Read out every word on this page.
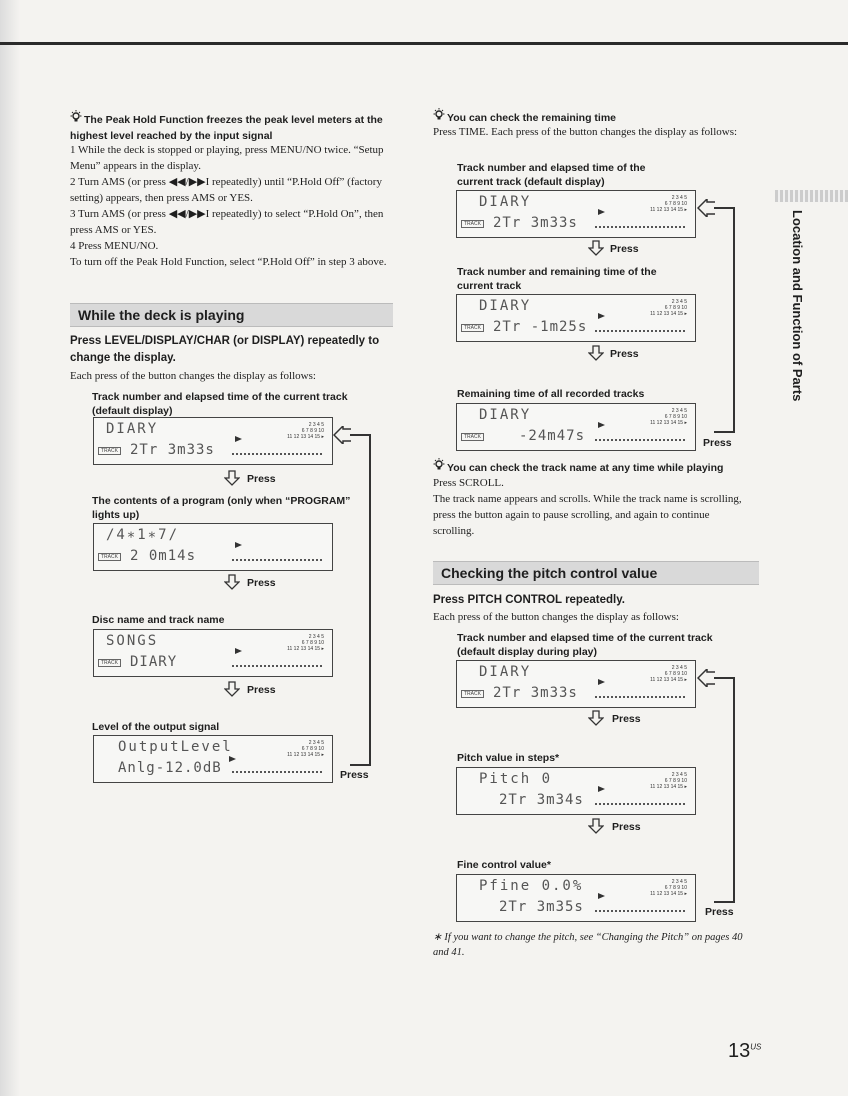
The Peak Hold Function freezes the peak level meters at the highest level reached by the input signal
1 While the deck is stopped or playing, press MENU/NO twice. “Setup Menu” appears in the display.
2 Turn AMS (or press ◀◀/▶▶I repeatedly) until “P.Hold Off” (factory setting) appears, then press AMS or YES.
3 Turn AMS (or press ◀◀/▶▶I repeatedly) to select “P.Hold On”, then press AMS or YES.
4 Press MENU/NO.
To turn off the Peak Hold Function, select “P.Hold Off” in step 3 above.
While the deck is playing
Press LEVEL/DISPLAY/CHAR (or DISPLAY) repeatedly to change the display.
Each press of the button changes the display as follows:
Track number and elapsed time of the current track (default display)
DIARY
TRACK 2Tr 3m33s
2 3 4 5
6 7 8 9 10
11 12 13 14 15 ▸
Press
The contents of a program (only when “PROGRAM” lights up)
/4∗1∗7/
TRACK 2 0m14s
Press
Disc name and track name
SONGS
TRACK DIARY
2 3 4 5
6 7 8 9 10
11 12 13 14 15 ▸
Press
Level of the output signal
OutputLevel
Anlg-12.0dB
2 3 4 5
6 7 8 9 10
11 12 13 14 15 ▸
Press
You can check the remaining time
Press TIME. Each press of the button changes the display as follows:
Track number and elapsed time of the current track (default display)
DIARY
TRACK 2Tr 3m33s
2 3 4 5
6 7 8 9 10
11 12 13 14 15 ▸
Press
Track number and remaining time of the current track
DIARY
TRACK 2Tr -1m25s
2 3 4 5
6 7 8 9 10
11 12 13 14 15 ▸
Press
Remaining time of all recorded tracks
DIARY
TRACK	-24m47s
2 3 4 5
6 7 8 9 10
11 12 13 14 15 ▸
Press
You can check the track name at any time while playing
Press SCROLL.
The track name appears and scrolls. While the track name is scrolling, press the button again to pause scrolling, and again to continue scrolling.
Checking the pitch control value
Press PITCH CONTROL repeatedly.
Each press of the button changes the display as follows:
Track number and elapsed time of the current track (default display during play)
DIARY
TRACK 2Tr 3m33s
2 3 4 5
6 7 8 9 10
11 12 13 14 15 ▸
Press
Pitch value in steps*
Pitch 0
2Tr 3m34s
2 3 4 5
6 7 8 9 10
11 12 13 14 15 ▸
Press
Fine control value*
Pfine 0.0%
2Tr 3m35s
2 3 4 5
6 7 8 9 10
11 12 13 14 15 ▸
Press
∗ If you want to change the pitch, see “Changing the Pitch” on pages 40 and 41.
Location and Function of Parts
$13^{US}$
